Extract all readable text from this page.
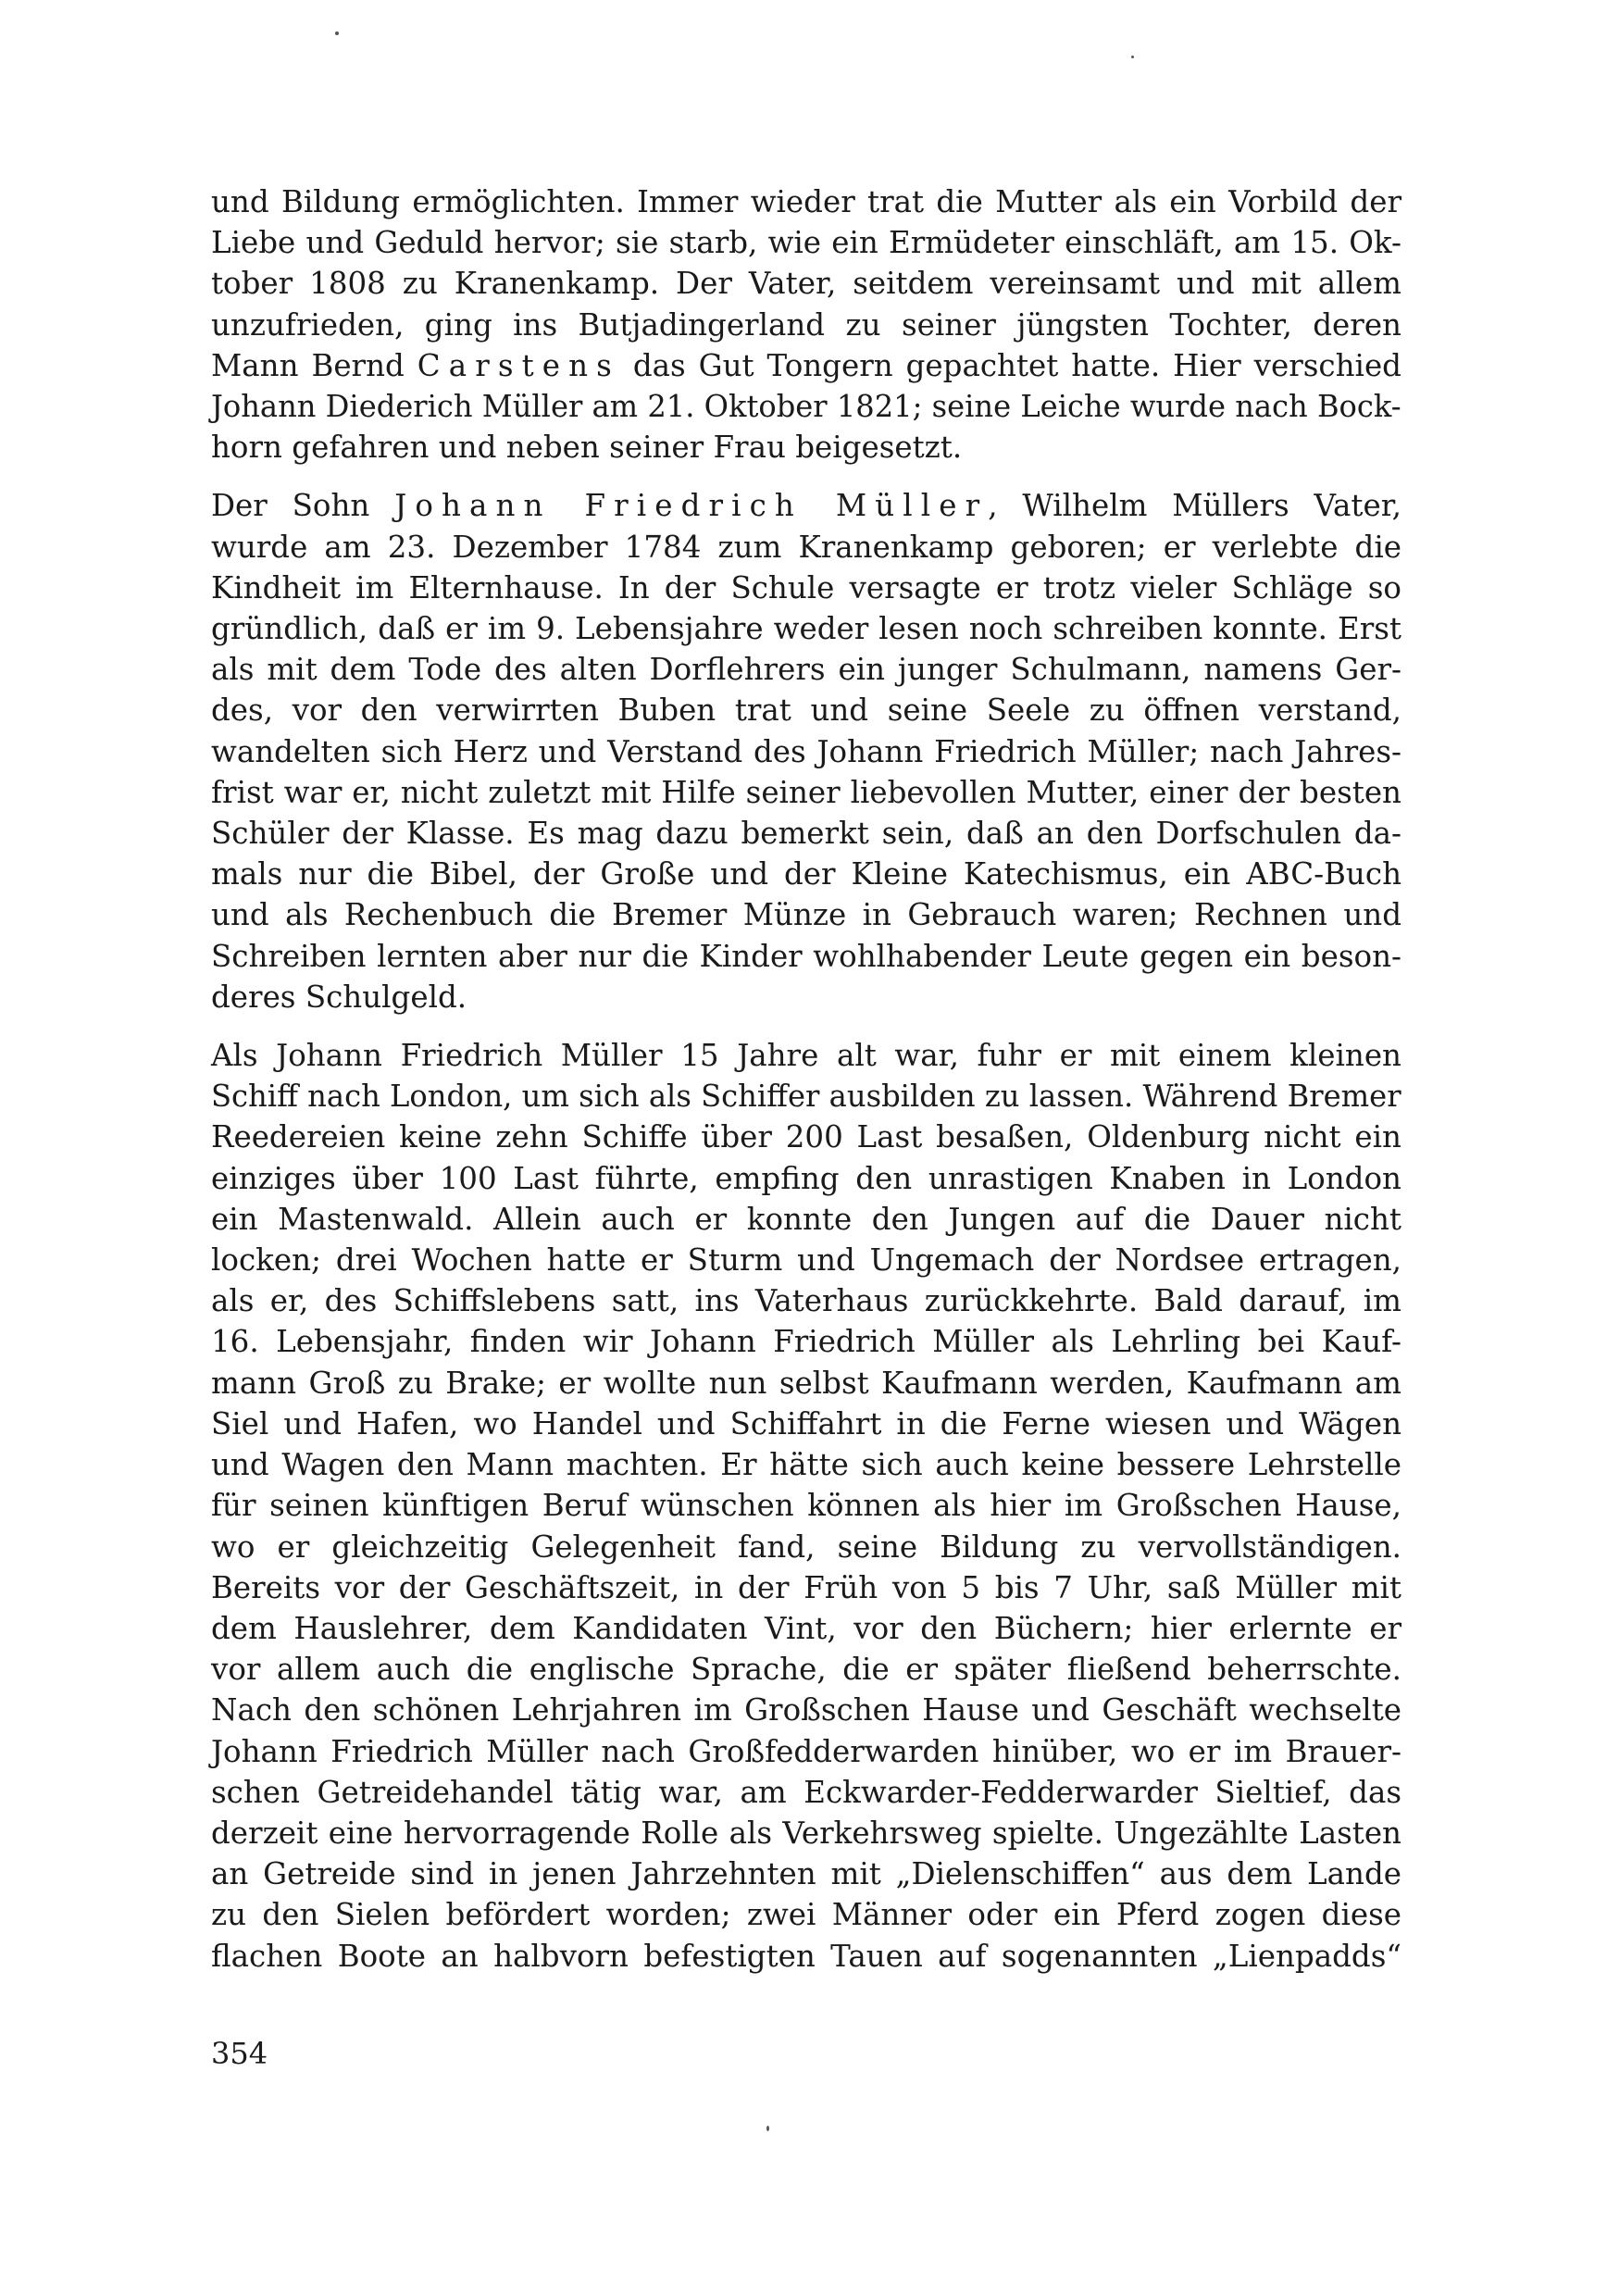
und Bildung ermöglichten. Immer wieder trat die Mutter als ein Vorbild der
Liebe und Geduld hervor; sie starb, wie ein Ermüdeter einschläft, am 15. Ok-
tober 1808 zu Kranenkamp. Der Vater, seitdem vereinsamt und mit allem
unzufrieden, ging ins Butjadingerland zu seiner jüngsten Tochter, deren
Mann Bernd Carstens das Gut Tongern gepachtet hatte. Hier verschied
Johann Diederich Müller am 21. Oktober 1821; seine Leiche wurde nach Bock-
horn gefahren und neben seiner Frau beigesetzt.
Der Sohn Johann Friedrich Müller, Wilhelm Müllers Vater,
wurde am 23. Dezember 1784 zum Kranenkamp geboren; er verlebte die
Kindheit im Elternhause. In der Schule versagte er trotz vieler Schläge so
gründlich, daß er im 9. Lebensjahre weder lesen noch schreiben konnte. Erst
als mit dem Tode des alten Dorflehrers ein junger Schulmann, namens Ger-
des, vor den verwirrten Buben trat und seine Seele zu öffnen verstand,
wandelten sich Herz und Verstand des Johann Friedrich Müller; nach Jahres-
frist war er, nicht zuletzt mit Hilfe seiner liebevollen Mutter, einer der besten
Schüler der Klasse. Es mag dazu bemerkt sein, daß an den Dorfschulen da-
mals nur die Bibel, der Große und der Kleine Katechismus, ein ABC-Buch
und als Rechenbuch die Bremer Münze in Gebrauch waren; Rechnen und
Schreiben lernten aber nur die Kinder wohlhabender Leute gegen ein beson-
deres Schulgeld.
Als Johann Friedrich Müller 15 Jahre alt war, fuhr er mit einem kleinen
Schiff nach London, um sich als Schiffer ausbilden zu lassen. Während Bremer
Reedereien keine zehn Schiffe über 200 Last besaßen, Oldenburg nicht ein
einziges über 100 Last führte, empfing den unrastigen Knaben in London
ein Mastenwald. Allein auch er konnte den Jungen auf die Dauer nicht
locken; drei Wochen hatte er Sturm und Ungemach der Nordsee ertragen,
als er, des Schiffslebens satt, ins Vaterhaus zurückkehrte. Bald darauf, im
16. Lebensjahr, finden wir Johann Friedrich Müller als Lehrling bei Kauf-
mann Groß zu Brake; er wollte nun selbst Kaufmann werden, Kaufmann am
Siel und Hafen, wo Handel und Schiffahrt in die Ferne wiesen und Wägen
und Wagen den Mann machten. Er hätte sich auch keine bessere Lehrstelle
für seinen künftigen Beruf wünschen können als hier im Großschen Hause,
wo er gleichzeitig Gelegenheit fand, seine Bildung zu vervollständigen.
Bereits vor der Geschäftszeit, in der Früh von 5 bis 7 Uhr, saß Müller mit
dem Hauslehrer, dem Kandidaten Vint, vor den Büchern; hier erlernte er
vor allem auch die englische Sprache, die er später fließend beherrschte.
Nach den schönen Lehrjahren im Großschen Hause und Geschäft wechselte
Johann Friedrich Müller nach Großfedderwarden hinüber, wo er im Brauer-
schen Getreidehandel tätig war, am Eckwarder-Fedderwarder Sieltief, das
derzeit eine hervorragende Rolle als Verkehrsweg spielte. Ungezählte Lasten
an Getreide sind in jenen Jahrzehnten mit „Dielenschiffen“ aus dem Lande
zu den Sielen befördert worden; zwei Männer oder ein Pferd zogen diese
flachen Boote an halbvorn befestigten Tauen auf sogenannten „Lienpadds“
354
